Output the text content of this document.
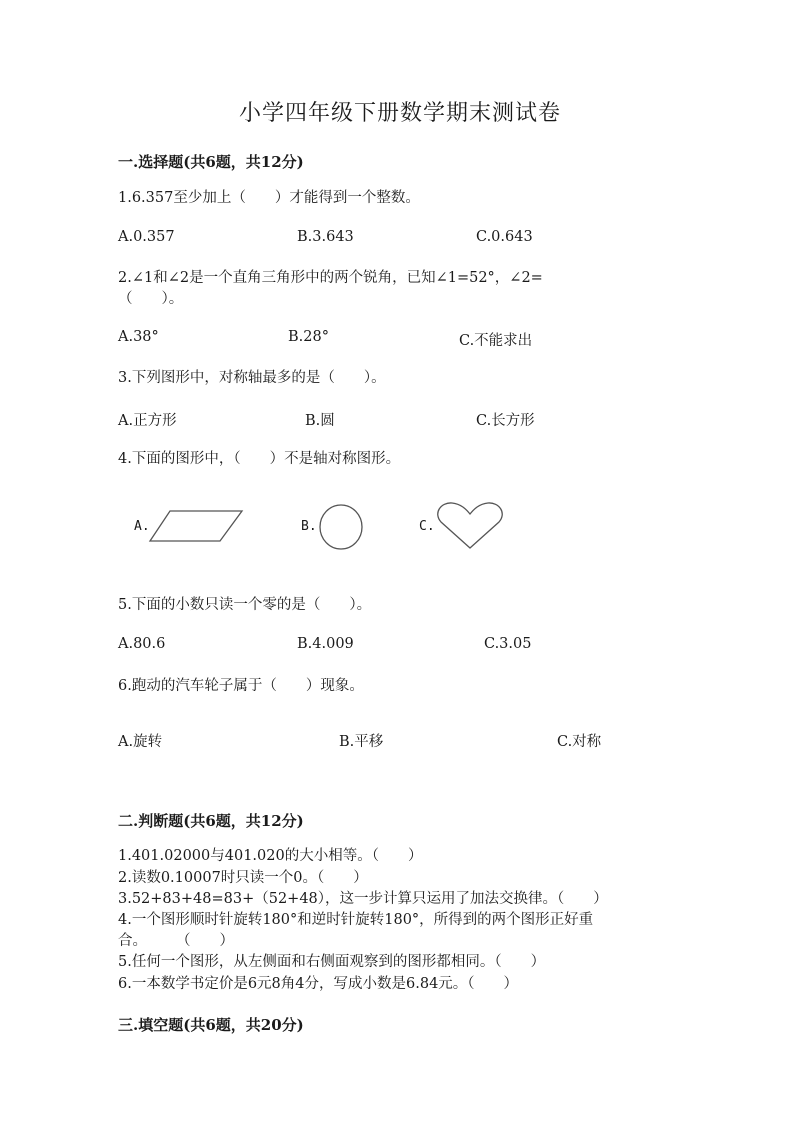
小学四年级下册数学期末测试卷
一.选择题(共6题，共12分)
1.6.357至少加上（　　）才能得到一个整数。
A.0.357	B.3.643	C.0.643
2.∠1和∠2是一个直角三角形中的两个锐角，已知∠1=52°，∠2=
（　　）。
A.38°	B.28°	C.不能求出
3.下列图形中，对称轴最多的是（　　）。
A.正方形	B.圆	C.长方形
4.下面的图形中，（　　）不是轴对称图形。
A.	B.	C.
5.下面的小数只读一个零的是（　　）。
A.80.6	B.4.009	C.3.05
6.跑动的汽车轮子属于（　　）现象。
A.旋转	B.平移	C.对称
二.判断题(共6题，共12分)
1.401.02000与401.020的大小相等。（　　）
2.读数0.10007时只读一个0。（　　）
3.52+83+48=83+（52+48），这一步计算只运用了加法交换律。（　　）
4.一个图形顺时针旋转180°和逆时针旋转180°，所得到的两个图形正好重
合。　　　（　　）
5.任何一个图形，从左侧面和右侧面观察到的图形都相同。（　　）
6.一本数学书定价是6元8角4分，写成小数是6.84元。（　　）
三.填空题(共6题，共20分)
